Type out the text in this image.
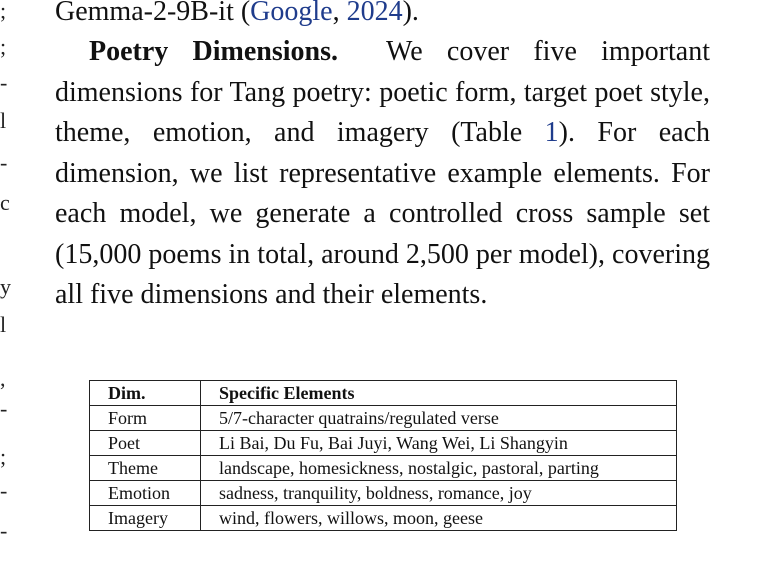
;
;
-
l
-
c
y
l
,
-
;
-
-
Gemma-2-9B-it (Google, 2024).
Poetry Dimensions. We cover five important dimensions for Tang poetry: poetic form, target poet style, theme, emotion, and imagery (Table 1). For each dimension, we list representative example elements. For each model, we generate a controlled cross sample set (15,000 poems in total, around 2,500 per model), covering all five dimensions and their elements.
Dim.	Specific Elements
Form	5/7-character quatrains/regulated verse
Poet	Li Bai, Du Fu, Bai Juyi, Wang Wei, Li Shangyin
Theme	landscape, homesickness, nostalgic, pastoral, parting
Emotion	sadness, tranquility, boldness, romance, joy
Imagery	wind, flowers, willows, moon, geese
